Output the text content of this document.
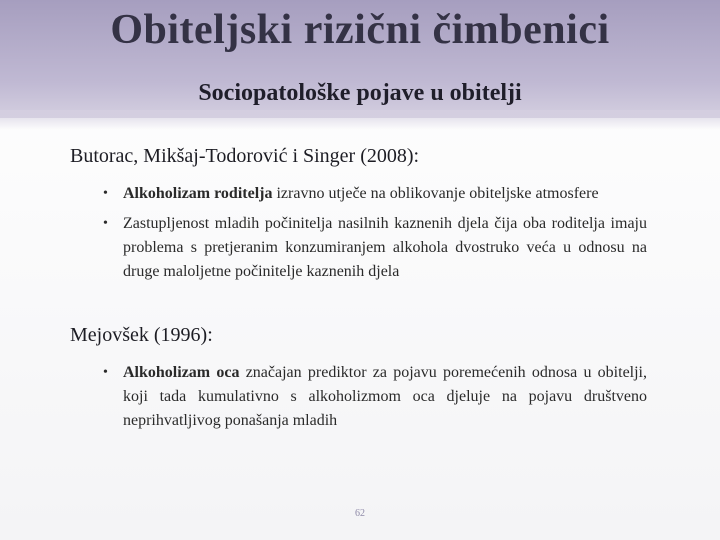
Obiteljski rizični čimbenici
Sociopatološke pojave u obitelji

Butorac, Mikšaj-Todorović i Singer (2008):

• Alkoholizam roditelja izravno utječe na oblikovanje obiteljske atmosfere
• Zastupljenost mladih počinitelja nasilnih kaznenih djela čija oba roditelja imaju problema s pretjeranim konzumiranjem alkohola dvostruko veća u odnosu na druge maloljetne počinitelje kaznenih djela

Mejovšek (1996):

• Alkoholizam oca značajan prediktor za pojavu poremećenih odnosa u obitelji, koji tada kumulativno s alkoholizmom oca djeluje na pojavu društveno neprihvatljivog ponašanja mladih
62
